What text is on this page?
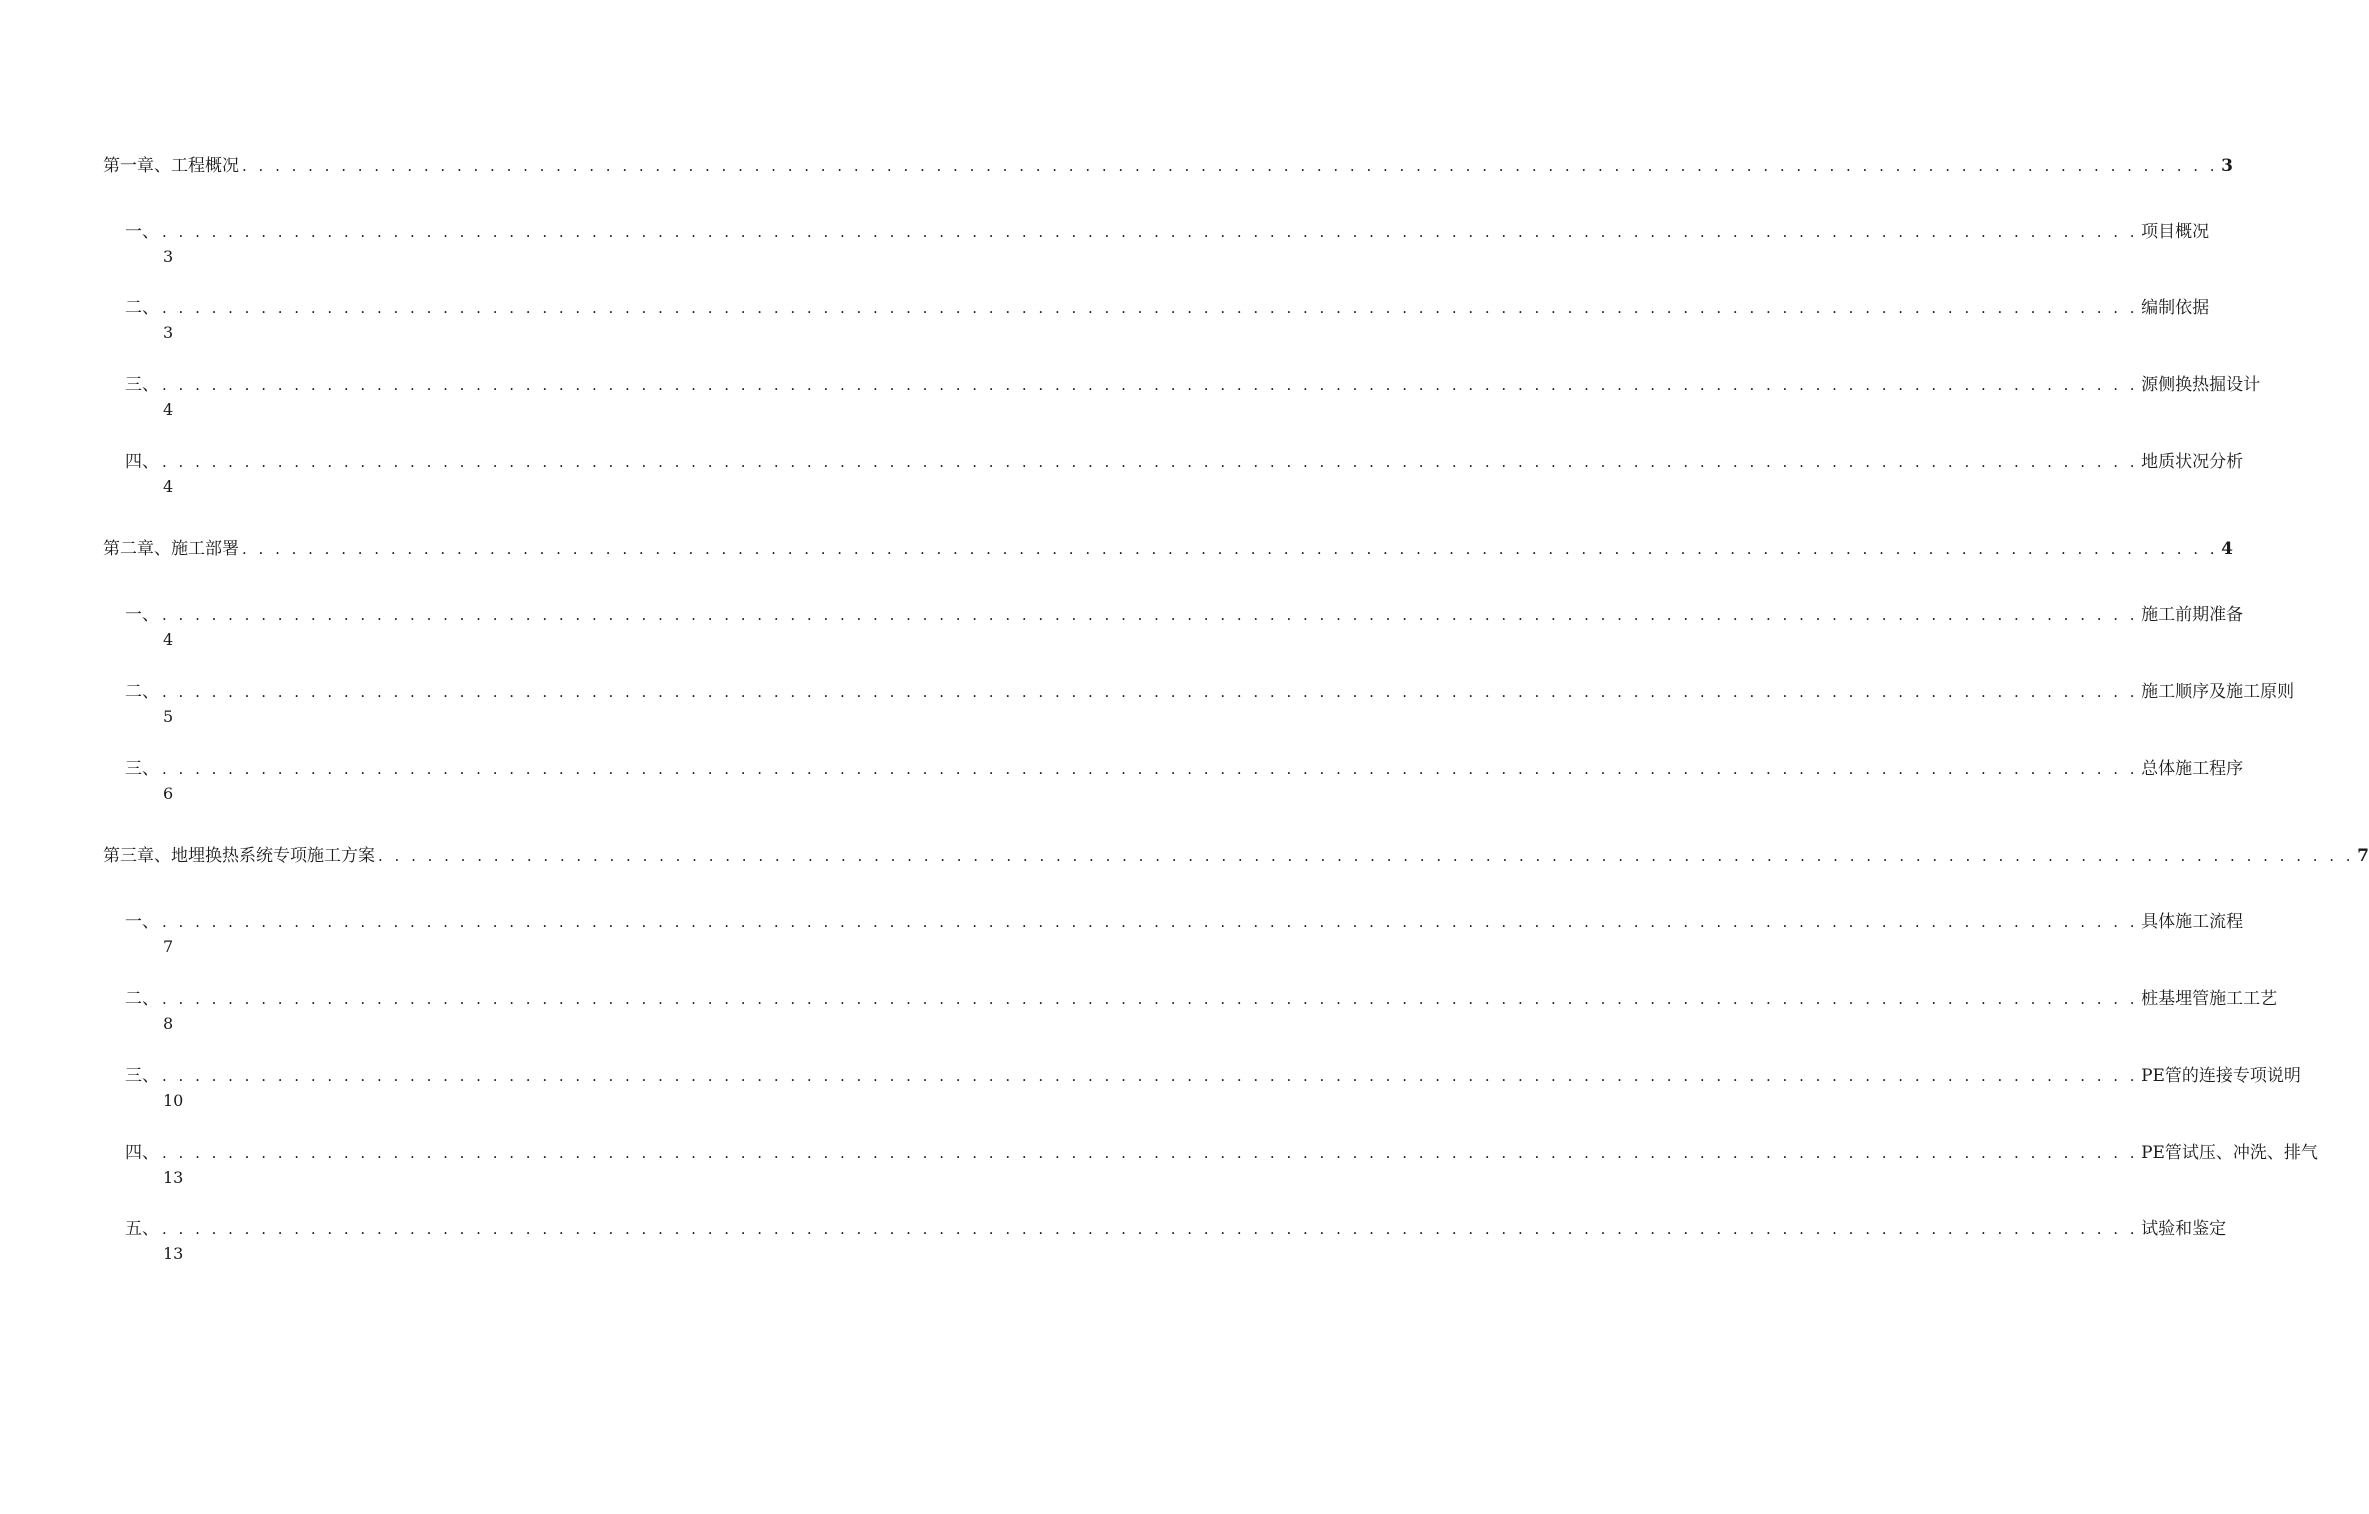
第一章、工程概况 . . . . . . . . . . . . . . . . . . . . . . . . . . . . . . . . . . . . . . . . . . . . . . . . . . . . . . . . . . . . . . . . . . . . . . . . . . . . . . . . . . . . . . . . . . . . . . . . . . . . . . . . . . . . . . . . . . . . . . . . 3
一、 . . . . . . . . . . . . . . . . . . . . . . . . . . . . . . . . . . . . . . . . . . . . . . . . . . . . . . . . . . . . . . . . . . . . . . . . . . . . . . . . . . . . . . . . . . . . . . . . . . . . . . . . . . . . . . . . . . . . . . . . 项目概况
3
二、 . . . . . . . . . . . . . . . . . . . . . . . . . . . . . . . . . . . . . . . . . . . . . . . . . . . . . . . . . . . . . . . . . . . . . . . . . . . . . . . . . . . . . . . . . . . . . . . . . . . . . . . . . . . . . . . . . . . . . . . . 编制依据
3
三、 . . . . . . . . . . . . . . . . . . . . . . . . . . . . . . . . . . . . . . . . . . . . . . . . . . . . . . . . . . . . . . . . . . . . . . . . . . . . . . . . . . . . . . . . . . . . . . . . . . . . . . . . . . . . . . . . . . . . . . . . 源侧换热掘设计
4
四、 . . . . . . . . . . . . . . . . . . . . . . . . . . . . . . . . . . . . . . . . . . . . . . . . . . . . . . . . . . . . . . . . . . . . . . . . . . . . . . . . . . . . . . . . . . . . . . . . . . . . . . . . . . . . . . . . . . . . . . . . 地质状况分析
4
第二章、施工部署 . . . . . . . . . . . . . . . . . . . . . . . . . . . . . . . . . . . . . . . . . . . . . . . . . . . . . . . . . . . . . . . . . . . . . . . . . . . . . . . . . . . . . . . . . . . . . . . . . . . . . . . . . . . . . . . . . . . . . . . . 4
一、 . . . . . . . . . . . . . . . . . . . . . . . . . . . . . . . . . . . . . . . . . . . . . . . . . . . . . . . . . . . . . . . . . . . . . . . . . . . . . . . . . . . . . . . . . . . . . . . . . . . . . . . . . . . . . . . . . . . . . . . . 施工前期准备
4
二、 . . . . . . . . . . . . . . . . . . . . . . . . . . . . . . . . . . . . . . . . . . . . . . . . . . . . . . . . . . . . . . . . . . . . . . . . . . . . . . . . . . . . . . . . . . . . . . . . . . . . . . . . . . . . . . . . . . . . . . . . 施工顺序及施工原则
5
三、 . . . . . . . . . . . . . . . . . . . . . . . . . . . . . . . . . . . . . . . . . . . . . . . . . . . . . . . . . . . . . . . . . . . . . . . . . . . . . . . . . . . . . . . . . . . . . . . . . . . . . . . . . . . . . . . . . . . . . . . . 总体施工程序
6
第三章、地埋换热系统专项施工方案 . . . . . . . . . . . . . . . . . . . . . . . . . . . . . . . . . . . . . . . . . . . . . . . . . . . . . . . . . . . . . . . . . . . . . . . . . . . . . . . . . . . . . . . . . . . . . . . . . . . . . . . . . . . . . . . . . . . . . . . . 7
一、 . . . . . . . . . . . . . . . . . . . . . . . . . . . . . . . . . . . . . . . . . . . . . . . . . . . . . . . . . . . . . . . . . . . . . . . . . . . . . . . . . . . . . . . . . . . . . . . . . . . . . . . . . . . . . . . . . . . . . . . . 具体施工流程
7
二、 . . . . . . . . . . . . . . . . . . . . . . . . . . . . . . . . . . . . . . . . . . . . . . . . . . . . . . . . . . . . . . . . . . . . . . . . . . . . . . . . . . . . . . . . . . . . . . . . . . . . . . . . . . . . . . . . . . . . . . . . 桩基埋管施工工艺
8
三、 . . . . . . . . . . . . . . . . . . . . . . . . . . . . . . . . . . . . . . . . . . . . . . . . . . . . . . . . . . . . . . . . . . . . . . . . . . . . . . . . . . . . . . . . . . . . . . . . . . . . . . . . . . . . . . . . . . . . . . . . PE管的连接专项说明
10
四、 . . . . . . . . . . . . . . . . . . . . . . . . . . . . . . . . . . . . . . . . . . . . . . . . . . . . . . . . . . . . . . . . . . . . . . . . . . . . . . . . . . . . . . . . . . . . . . . . . . . . . . . . . . . . . . . . . . . . . . . . PE管试压、冲洗、排气
13
五、 . . . . . . . . . . . . . . . . . . . . . . . . . . . . . . . . . . . . . . . . . . . . . . . . . . . . . . . . . . . . . . . . . . . . . . . . . . . . . . . . . . . . . . . . . . . . . . . . . . . . . . . . . . . . . . . . . . . . . . . . 试验和鉴定
13
